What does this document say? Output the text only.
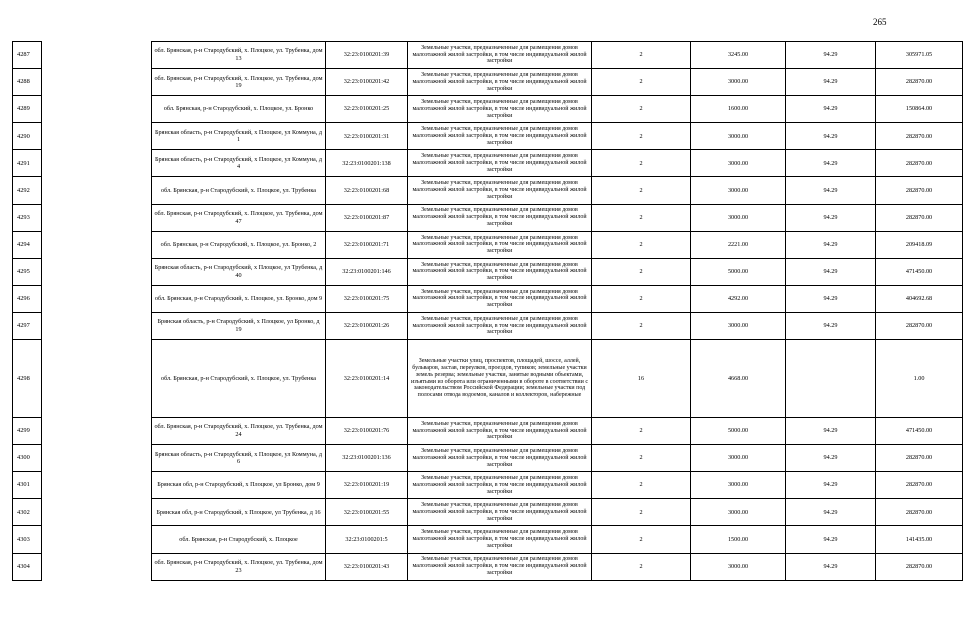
265
4287		обл. Брянская, р-н Стародубский, х. Плоцкое, ул. Трубенка, дом 13	32:23:0100201:39	Земельные участки, предназначенные для размещения домов малоэтажной жилой застройки, в том числе индивидуальной жилой застройки	2	3245.00	94.29	305971.05
4288		обл. Брянская, р-н Стародубский, х. Плоцкое, ул. Трубенка, дом 19	32:23:0100201:42	Земельные участки, предназначенные для размещения домов малоэтажной жилой застройки, в том числе индивидуальной жилой застройки	2	3000.00	94.29	282870.00
4289		обл. Брянская, р-н Стародубский, х. Плоцкое, ул. Бронко	32:23:0100201:25	Земельные участки, предназначенные для размещения домов малоэтажной жилой застройки, в том числе индивидуальной жилой застройки	2	1600.00	94.29	150864.00
4290		Брянская область, р-н Стародубский, х Плоцкое, ул Коммуна, д 1	32:23:0100201:31	Земельные участки, предназначенные для размещения домов малоэтажной жилой застройки, в том числе индивидуальной жилой застройки	2	3000.00	94.29	282870.00
4291		Брянская область, р-н Стародубский, х Плоцкое, ул Коммуна, д 4	32:23:0100201:138	Земельные участки, предназначенные для размещения домов малоэтажной жилой застройки, в том числе индивидуальной жилой застройки	2	3000.00	94.29	282870.00
4292		обл. Брянская, р-н Стародубский, х. Плоцкое, ул. Трубенка	32:23:0100201:68	Земельные участки, предназначенные для размещения домов малоэтажной жилой застройки, в том числе индивидуальной жилой застройки	2	3000.00	94.29	282870.00
4293		обл. Брянская, р-н Стародубский, х. Плоцкое, ул. Трубенка, дом 47	32:23:0100201:87	Земельные участки, предназначенные для размещения домов малоэтажной жилой застройки, в том числе индивидуальной жилой застройки	2	3000.00	94.29	282870.00
4294		обл. Брянская, р-н Стародубский, х. Плоцкое, ул. Бронко, 2	32:23:0100201:71	Земельные участки, предназначенные для размещения домов малоэтажной жилой застройки, в том числе индивидуальной жилой застройки	2	2221.00	94.29	209418.09
4295		Брянская область, р-н Стародубский, х Плоцкое, ул Трубенка, д 40	32:23:0100201:146	Земельные участки, предназначенные для размещения домов малоэтажной жилой застройки, в том числе индивидуальной жилой застройки	2	5000.00	94.29	471450.00
4296		обл. Брянская, р-н Стародубский, х. Плоцкое, ул. Бронко, дом 9	32:23:0100201:75	Земельные участки, предназначенные для размещения домов малоэтажной жилой застройки, в том числе индивидуальной жилой застройки	2	4292.00	94.29	404692.68
4297		Брянская область, р-н Стародубский, х Плоцкое, ул Бронко, д 19	32:23:0100201:26	Земельные участки, предназначенные для размещения домов малоэтажной жилой застройки, в том числе индивидуальной жилой застройки	2	3000.00	94.29	282870.00
4298		обл. Брянская, р-н Стародубский, х. Плоцкое, ул. Трубенка	32:23:0100201:14	Земельные участки улиц, проспектов, площадей, шоссе, аллей, бульваров, застав, переулков, проездов, тупиков; земельные участки земель резерва; земельные участки, занятые водными объектами, изъятыми из оборота или ограниченными в обороте в соответствии с законодательством Российской Федерации; земельные участки под полосами отвода водоемов, каналов и коллекторов, набережные	16	4668.00		1.00
4299		обл. Брянская, р-н Стародубский, х. Плоцкое, ул. Трубенка, дом 24	32:23:0100201:76	Земельные участки, предназначенные для размещения домов малоэтажной жилой застройки, в том числе индивидуальной жилой застройки	2	5000.00	94.29	471450.00
4300		Брянская область, р-н Стародубский, х Плоцкое, ул Коммуна, д 6	32:23:0100201:136	Земельные участки, предназначенные для размещения домов малоэтажной жилой застройки, в том числе индивидуальной жилой застройки	2	3000.00	94.29	282870.00
4301		Брянская обл, р-н Стародубский, х Плоцкое, ул Бронко, дом 9	32:23:0100201:19	Земельные участки, предназначенные для размещения домов малоэтажной жилой застройки, в том числе индивидуальной жилой застройки	2	3000.00	94.29	282870.00
4302		Брянская обл, р-н Стародубский, х Плоцкое, ул Трубенка, д 16	32:23:0100201:55	Земельные участки, предназначенные для размещения домов малоэтажной жилой застройки, в том числе индивидуальной жилой застройки	2	3000.00	94.29	282870.00
4303		обл. Брянская, р-н Стародубский, х. Плоцкое	32:23:0100201:5	Земельные участки, предназначенные для размещения домов малоэтажной жилой застройки, в том числе индивидуальной жилой застройки	2	1500.00	94.29	141435.00
4304		обл. Брянская, р-н Стародубский, х. Плоцкое, ул. Трубенка, дом 23	32:23:0100201:43	Земельные участки, предназначенные для размещения домов малоэтажной жилой застройки, в том числе индивидуальной жилой застройки	2	3000.00	94.29	282870.00
